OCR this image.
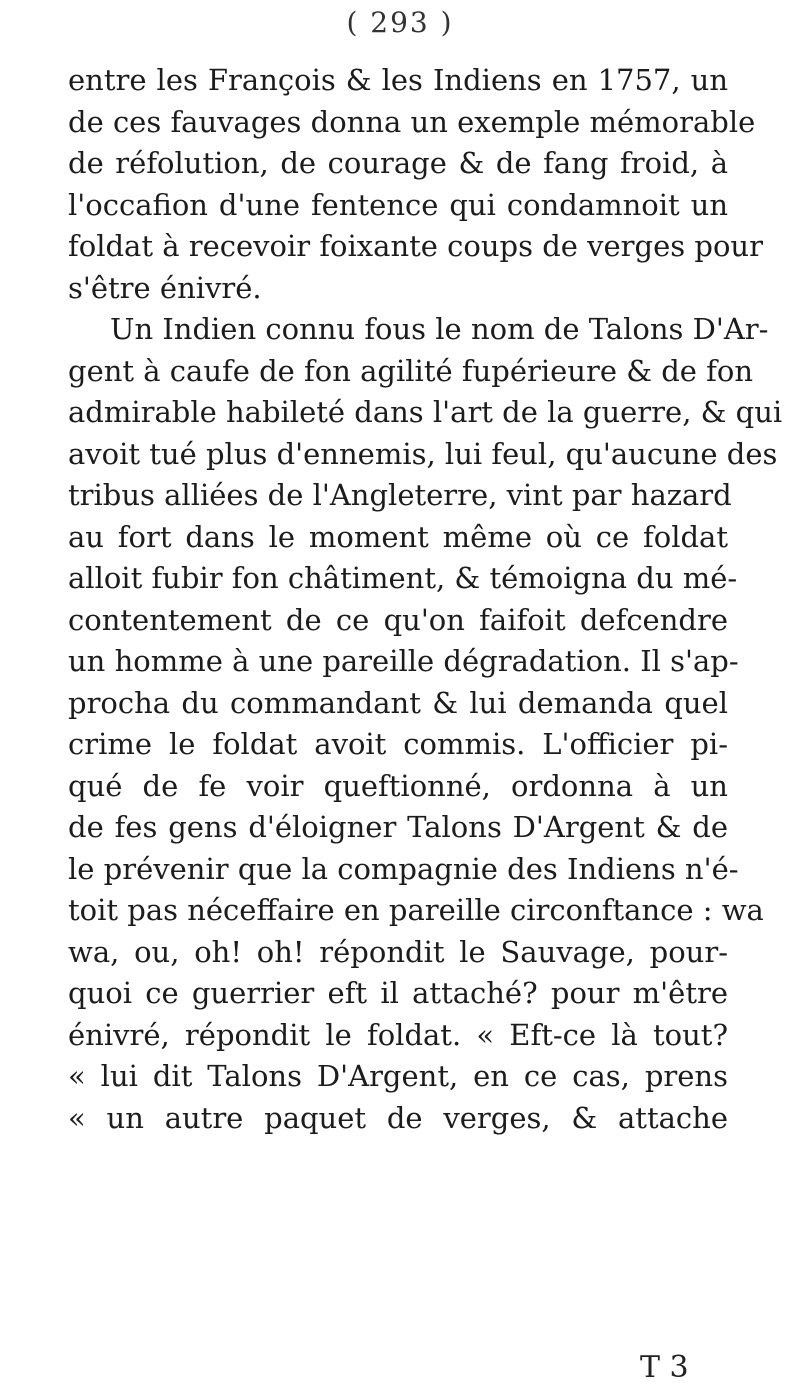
( 293 )
entre les François & les Indiens en 1757, un
de ces fauvages donna un exemple mémorable
de réfolution, de courage & de fang froid, à
l'occafion d'une fentence qui condamnoit un
foldat à recevoir foixante coups de verges pour
s'être énivré.
Un Indien connu fous le nom de Talons D'Ar-
gent à caufe de fon agilité fupérieure & de fon
admirable habileté dans l'art de la guerre, & qui
avoit tué plus d'ennemis, lui feul, qu'aucune des
tribus alliées de l'Angleterre, vint par hazard
au fort dans le moment même où ce foldat
alloit fubir fon châtiment, & témoigna du mé-
contentement de ce qu'on faifoit defcendre
un homme à une pareille dégradation. Il s'ap-
procha du commandant & lui demanda quel
crime le foldat avoit commis. L'officier pi-
qué de fe voir queftionné, ordonna à un
de fes gens d'éloigner Talons D'Argent & de
le prévenir que la compagnie des Indiens n'é-
toit pas néceffaire en pareille circonftance : wa
wa, ou, oh! oh! répondit le Sauvage, pour-
quoi ce guerrier eft il attaché? pour m'être
énivré, répondit le foldat. « Eft-ce là tout?
« lui dit Talons D'Argent, en ce cas, prens
« un autre paquet de verges, & attache
T 3
